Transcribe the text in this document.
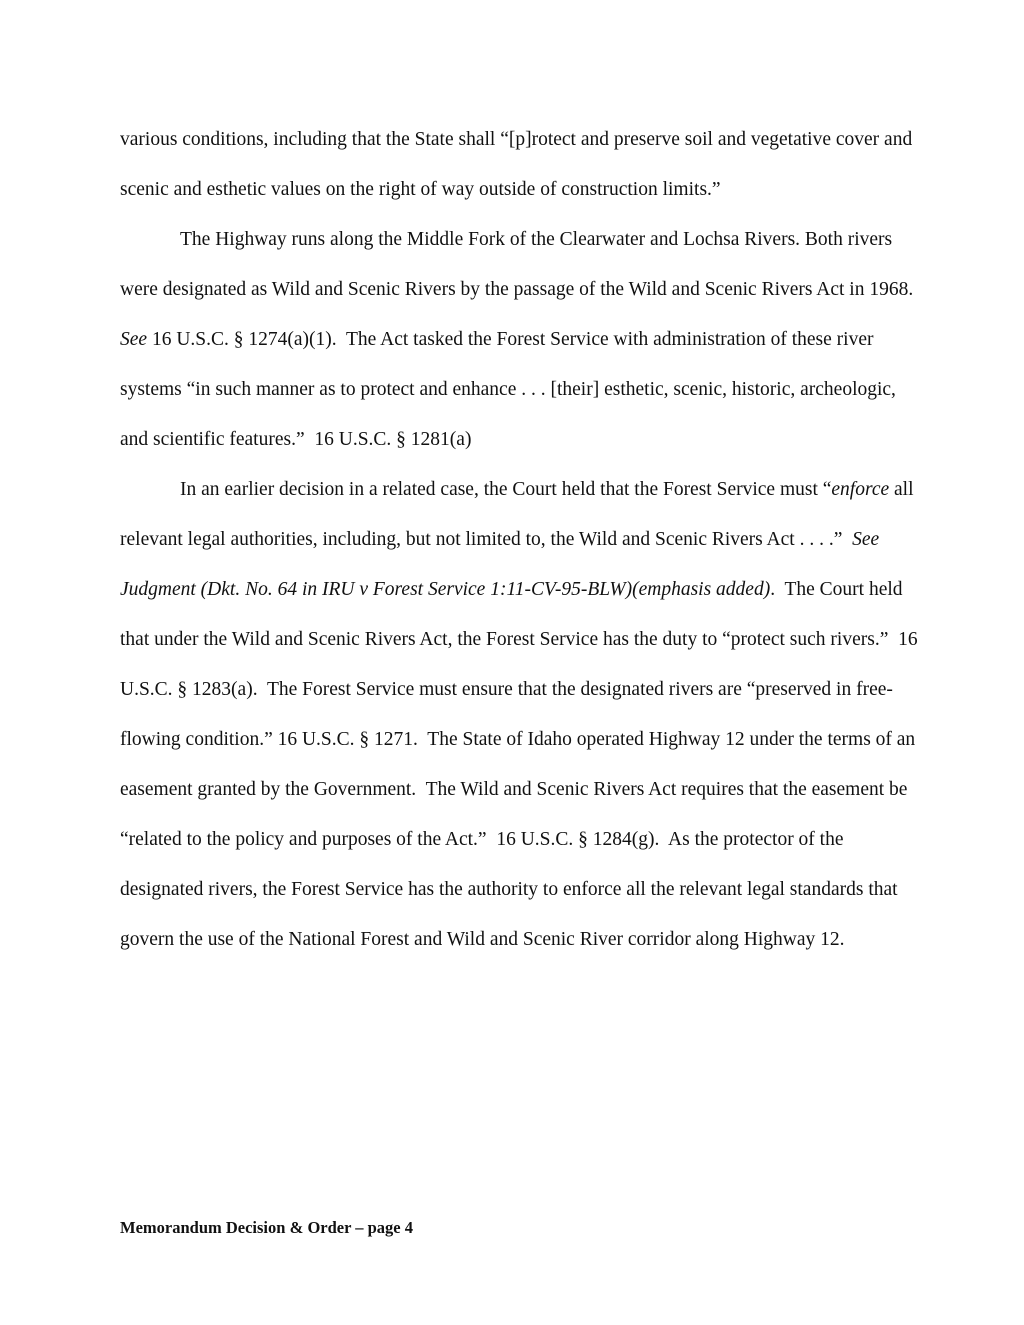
various conditions, including that the State shall “[p]rotect and preserve soil and vegetative cover and scenic and esthetic values on the right of way outside of construction limits.”

The Highway runs along the Middle Fork of the Clearwater and Lochsa Rivers. Both rivers were designated as Wild and Scenic Rivers by the passage of the Wild and Scenic Rivers Act in 1968.  See 16 U.S.C. § 1274(a)(1).  The Act tasked the Forest Service with administration of these river systems “in such manner as to protect and enhance . . . [their] esthetic, scenic, historic, archeologic, and scientific features.”  16 U.S.C. § 1281(a)

In an earlier decision in a related case, the Court held that the Forest Service must “enforce all relevant legal authorities, including, but not limited to, the Wild and Scenic Rivers Act . . . .”  See Judgment (Dkt. No. 64 in IRU v Forest Service 1:11-CV-95-BLW)(emphasis added).  The Court held that under the Wild and Scenic Rivers Act, the Forest Service has the duty to “protect such rivers.”  16 U.S.C. § 1283(a).  The Forest Service must ensure that the designated rivers are “preserved in free-flowing condition.” 16 U.S.C. § 1271.  The State of Idaho operated Highway 12 under the terms of an easement granted by the Government.  The Wild and Scenic Rivers Act requires that the easement be “related to the policy and purposes of the Act.”  16 U.S.C. § 1284(g).  As the protector of the designated rivers, the Forest Service has the authority to enforce all the relevant legal standards that govern the use of the National Forest and Wild and Scenic River corridor along Highway 12.

Memorandum Decision & Order – page 4
